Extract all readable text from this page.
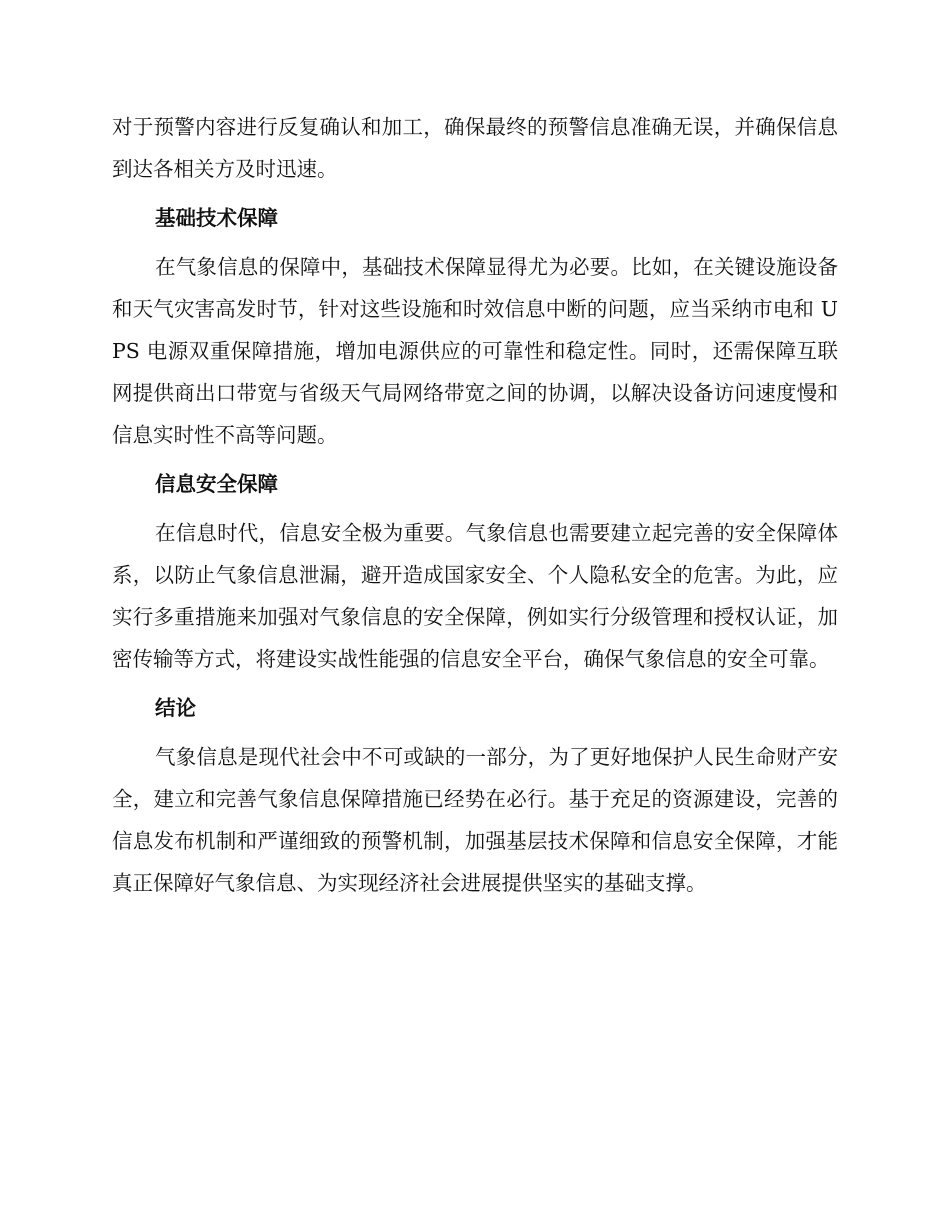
对于预警内容进行反复确认和加工，确保最终的预警信息准确无误，并确保信息到达各相关方及时迅速。

基础技术保障

在气象信息的保障中，基础技术保障显得尤为必要。比如，在关键设施设备和天气灾害高发时节，针对这些设施和时效信息中断的问题，应当采纳市电和 UPS 电源双重保障措施，增加电源供应的可靠性和稳定性。同时，还需保障互联网提供商出口带宽与省级天气局网络带宽之间的协调，以解决设备访问速度慢和信息实时性不高等问题。

信息安全保障

在信息时代，信息安全极为重要。气象信息也需要建立起完善的安全保障体系，以防止气象信息泄漏，避开造成国家安全、个人隐私安全的危害。为此，应实行多重措施来加强对气象信息的安全保障，例如实行分级管理和授权认证，加密传输等方式，将建设实战性能强的信息安全平台，确保气象信息的安全可靠。

结论

气象信息是现代社会中不可或缺的一部分，为了更好地保护人民生命财产安全，建立和完善气象信息保障措施已经势在必行。基于充足的资源建设，完善的信息发布机制和严谨细致的预警机制，加强基层技术保障和信息安全保障，才能真正保障好气象信息、为实现经济社会进展提供坚实的基础支撑。
